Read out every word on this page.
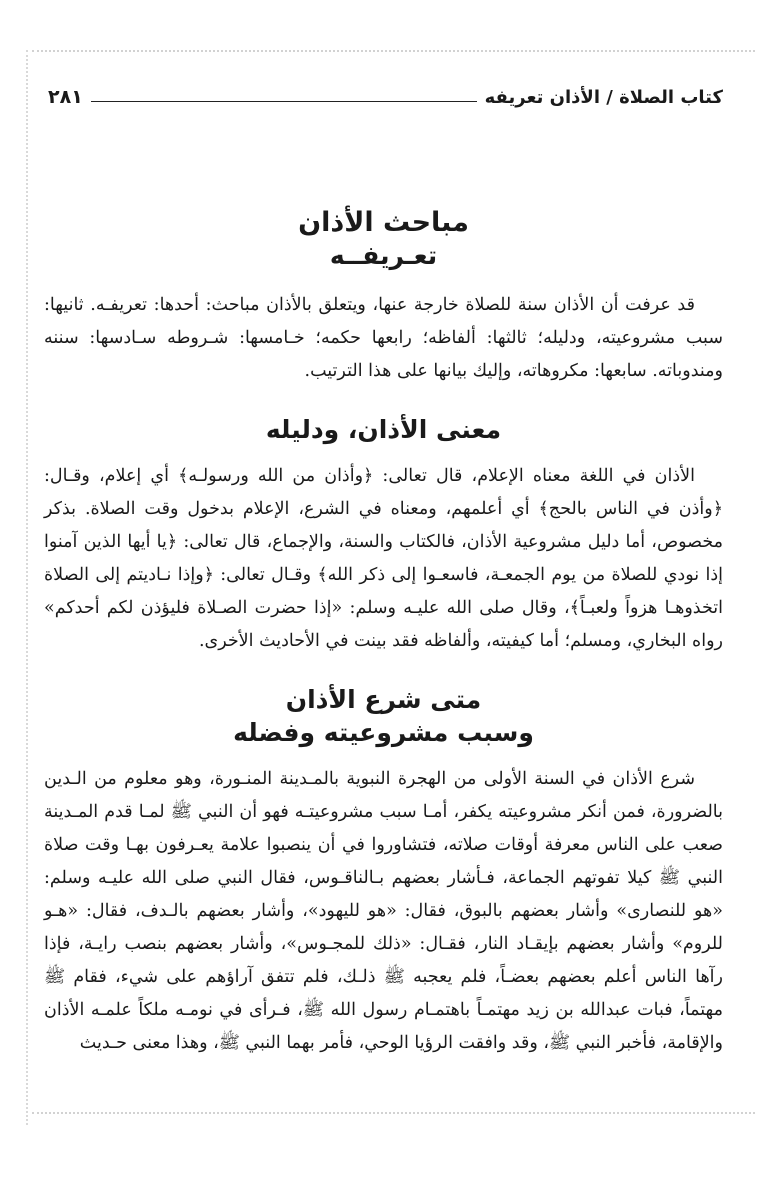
كتاب الصلاة / الأذان تعريفه
٢٨١
مباحث الأذان
تعـريفــه

قد عرفت أن الأذان سنة للصلاة خارجة عنها، ويتعلق بالأذان مباحث: أحدها: تعريفـه. ثانيها: سبب مشروعيته، ودليله؛ ثالثها: ألفاظه؛ رابعها حكمه؛ خـامسها: شـروطه سـادسها: سننه ومندوباته. سابعها: مكروهاته، وإليك بيانها على هذا الترتيب.

معنى الأذان، ودليله

الأذان في اللغة معناه الإعلام، قال تعالى: ﴿وأذان من الله ورسولـه﴾ أي إعلام، وقـال: ﴿وأذن في الناس بالحج﴾ أي أعلمهم، ومعناه في الشرع، الإعلام بدخول وقت الصلاة. بذكر مخصوص، أما دليل مشروعية الأذان، فالكتاب والسنة، والإجماع، قال تعالى: ﴿يا أيها الذين آمنوا إذا نودي للصلاة من يوم الجمعـة، فاسعـوا إلى ذكر الله﴾ وقـال تعالى: ﴿وإذا نـاديتم إلى الصلاة اتخذوهـا هزواً ولعبـاً﴾، وقال صلى الله عليـه وسلم: «إذا حضرت الصـلاة فليؤذن لكم أحدكم» رواه البخاري، ومسلم؛ أما كيفيته، وألفاظه فقد بينت في الأحاديث الأخرى.

متى شرع الأذان
وسبب مشروعيته وفضله

شرع الأذان في السنة الأولى من الهجرة النبوية بالمـدينة المنـورة، وهو معلوم من الـدين بالضرورة، فمن أنكر مشروعيته يكفر، أمـا سبب مشروعيتـه فهو أن النبي ﷺ لمـا قدم المـدينة صعب على الناس معرفة أوقات صلاته، فتشاوروا في أن ينصبوا علامة يعـرفون بهـا وقت صلاة النبي ﷺ كيلا تفوتهم الجماعة، فـأشار بعضهم بـالناقـوس، فقال النبي صلى الله عليـه وسلم: «هو للنصارى» وأشار بعضهم بالبوق، فقال: «هو لليهود»، وأشار بعضهم بالـدف، فقال: «هـو للروم» وأشار بعضهم بإيقـاد النار، فقـال: «ذلك للمجـوس»، وأشار بعضهم بنصب رايـة، فإذا رآها الناس أعلم بعضهم بعضـاً، فلم يعجبه ﷺ ذلـك، فلم تتفق آراؤهم على شيء، فقام ﷺ مهتماً، فبات عبدالله بن زيد مهتمـاً باهتمـام رسول الله ﷺ، فـرأى في نومـه ملكاً علمـه الأذان والإقامة، فأخبر النبي ﷺ، وقد وافقت الرؤيا الوحي، فأمر بهما النبي ﷺ، وهذا معنى حـديث
